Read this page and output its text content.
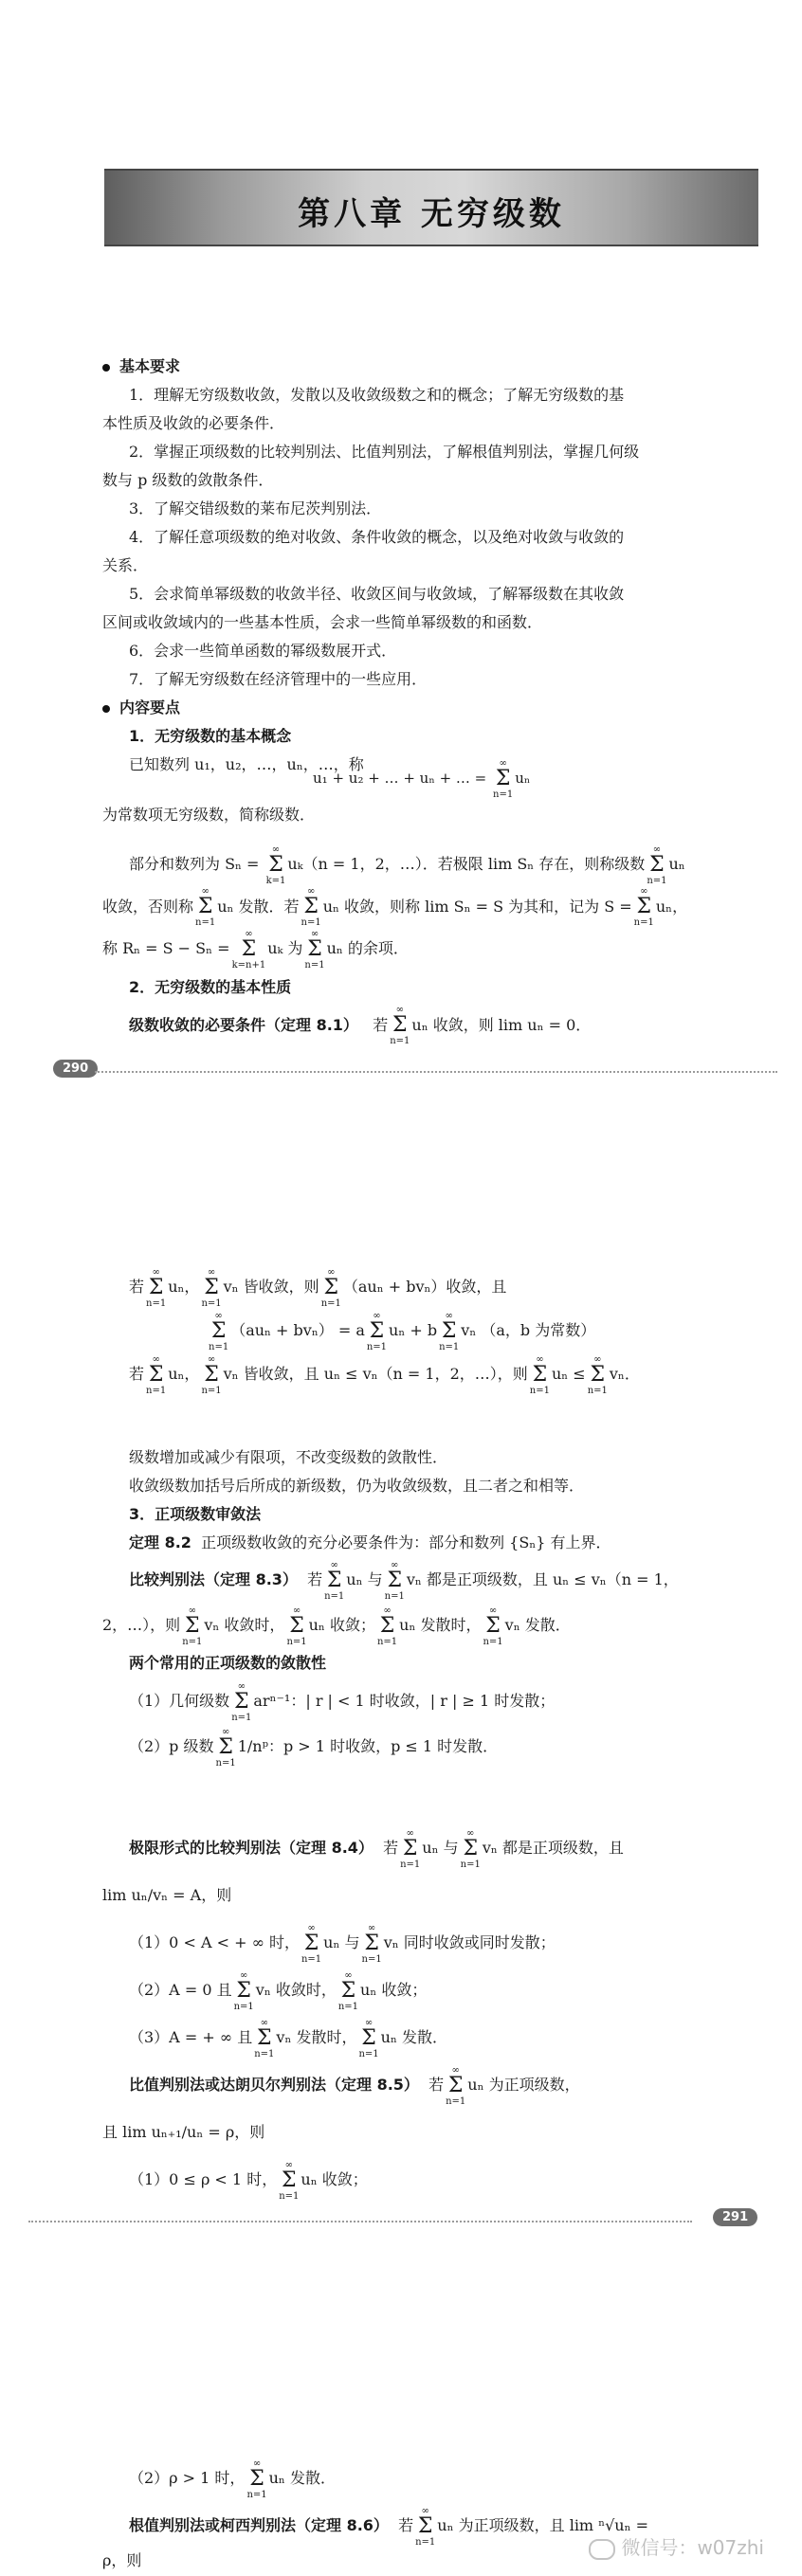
第八章 无穷级数
基本要求
1．理解无穷级数收敛，发散以及收敛级数之和的概念；了解无穷级数的基
本性质及收敛的必要条件．
2．掌握正项级数的比较判别法、比值判别法，了解根值判别法，掌握几何级
数与 p 级数的敛散条件．
3．了解交错级数的莱布尼茨判别法．
4．了解任意项级数的绝对收敛、条件收敛的概念，以及绝对收敛与收敛的
关系．
5．会求简单幂级数的收敛半径、收敛区间与收敛域，了解幂级数在其收敛
区间或收敛域内的一些基本性质，会求一些简单幂级数的和函数．
6．会求一些简单函数的幂级数展开式．
7．了解无穷级数在经济管理中的一些应用．
内容要点
1．无穷级数的基本概念
已知数列 u₁，u₂，…，uₙ，…，称
u₁ + u₂ + … + uₙ + … = ∞
Σ
n=1uₙ
为常数项无穷级数，简称级数．
部分和数列为 Sₙ = ∞
Σ
k=1uₖ（n = 1，2，…）．若极限 lim Sₙ 存在，则称级数∞
Σ
n=1uₙ
收敛，否则称∞
Σ
n=1uₙ 发散．若∞
Σ
n=1uₙ 收敛，则称 lim Sₙ = S 为其和，记为 S =∞
Σ
n=1uₙ，
称 Rₙ = S − Sₙ =∞
Σ
k=n+1uₖ 为∞
Σ
n=1uₙ 的余项．
2．无穷级数的基本性质
级数收敛的必要条件（定理 8.1） 若∞
Σ
n=1uₙ 收敛，则 lim uₙ = 0．
290
若∞
Σ
n=1uₙ，∞
Σ
n=1vₙ 皆收敛，则∞
Σ
n=1（auₙ + bvₙ）收敛，且
∞
Σ
n=1（auₙ + bvₙ） = a∞
Σ
n=1uₙ + b∞
Σ
n=1vₙ （a，b 为常数）
若∞
Σ
n=1uₙ，∞
Σ
n=1vₙ 皆收敛，且 uₙ ≤ vₙ（n = 1，2，…），则∞
Σ
n=1uₙ ≤∞
Σ
n=1vₙ．
级数增加或减少有限项，不改变级数的敛散性．
收敛级数加括号后所成的新级数，仍为收敛级数，且二者之和相等．
3．正项级数审敛法
定理 8.2 正项级数收敛的充分必要条件为：部分和数列 {Sₙ} 有上界．
比较判别法（定理 8.3） 若∞
Σ
n=1uₙ 与∞
Σ
n=1vₙ 都是正项级数，且 uₙ ≤ vₙ（n = 1，
2，…），则∞
Σ
n=1vₙ 收敛时，∞
Σ
n=1uₙ 收敛；∞
Σ
n=1uₙ 发散时，∞
Σ
n=1vₙ 发散．
两个常用的正项级数的敛散性
（1）几何级数∞
Σ
n=1arⁿ⁻¹：| r | < 1 时收敛，| r | ≥ 1 时发散；
（2）p 级数∞
Σ
n=11/nᵖ：p > 1 时收敛，p ≤ 1 时发散．
极限形式的比较判别法（定理 8.4） 若∞
Σ
n=1uₙ 与∞
Σ
n=1vₙ 都是正项级数，且
lim uₙ/vₙ = A，则
（1）0 < A < + ∞ 时，∞
Σ
n=1uₙ 与∞
Σ
n=1vₙ 同时收敛或同时发散；
（2）A = 0 且∞
Σ
n=1vₙ 收敛时，∞
Σ
n=1uₙ 收敛；
（3）A = + ∞ 且∞
Σ
n=1vₙ 发散时，∞
Σ
n=1uₙ 发散．
比值判别法或达朗贝尔判别法（定理 8.5） 若∞
Σ
n=1uₙ 为正项级数，
且 lim uₙ₊₁/uₙ = ρ，则
（1）0 ≤ ρ < 1 时，∞
Σ
n=1uₙ 收敛；
291
（2）ρ > 1 时，∞
Σ
n=1uₙ 发散．
根值判别法或柯西判别法（定理 8.6） 若∞
Σ
n=1uₙ 为正项级数，且 lim ⁿ√uₙ =
ρ，则
微信号：w07zhi
